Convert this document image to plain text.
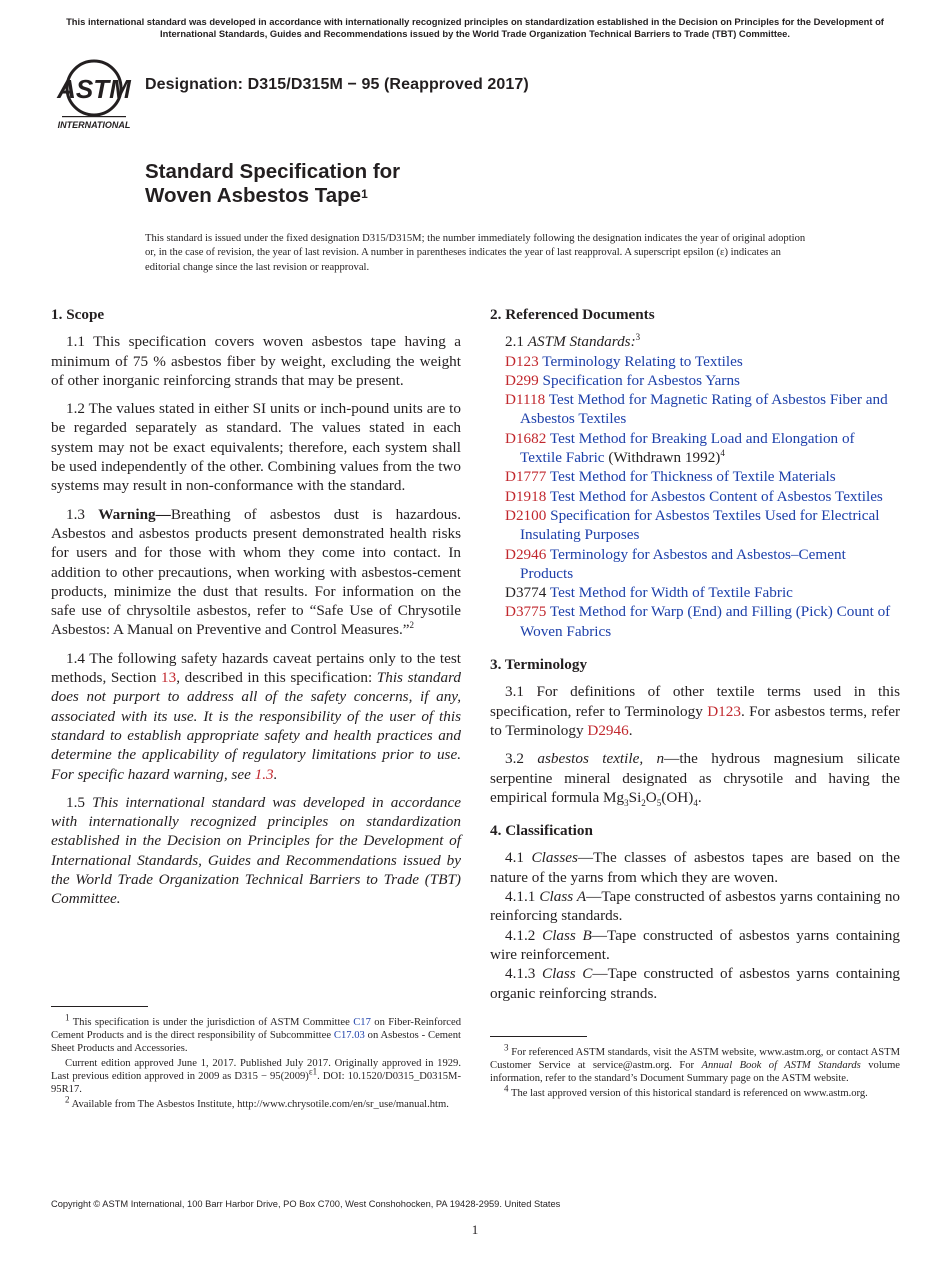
This international standard was developed in accordance with internationally recognized principles on standardization established in the Decision on Principles for the Development of International Standards, Guides and Recommendations issued by the World Trade Organization Technical Barriers to Trade (TBT) Committee.
ASTM
INTERNATIONAL
Designation: D315/D315M − 95 (Reapproved 2017)
Standard Specification for
Woven Asbestos Tape$^1$
This standard is issued under the fixed designation D315/D315M; the number immediately following the designation indicates the year of original adoption or, in the case of revision, the year of last revision. A number in parentheses indicates the year of last reapproval. A superscript epsilon (ε) indicates an editorial change since the last revision or reapproval.
1. Scope

1.1 This specification covers woven asbestos tape having a minimum of 75 % asbestos fiber by weight, excluding the weight of other inorganic reinforcing strands that may be present.

1.2 The values stated in either SI units or inch-pound units are to be regarded separately as standard. The values stated in each system may not be exact equivalents; therefore, each system shall be used independently of the other. Combining values from the two systems may result in non-conformance with the standard.

1.3 Warning—Breathing of asbestos dust is hazardous. Asbestos and asbestos products present demonstrated health risks for users and for those with whom they come into contact. In addition to other precautions, when working with asbestos-cement products, minimize the dust that results. For information on the safe use of chrysoltile asbestos, refer to “Safe Use of Chrysotile Asbestos: A Manual on Preventive and Control Measures.”$^2$

1.4 The following safety hazards caveat pertains only to the test methods, Section 13, described in this specification: This standard does not purport to address all of the safety concerns, if any, associated with its use. It is the responsibility of the user of this standard to establish appropriate safety and health practices and determine the applicability of regulatory limitations prior to use. For specific hazard warning, see 1.3.

1.5 This international standard was developed in accordance with internationally recognized principles on standardization established in the Decision on Principles for the Development of International Standards, Guides and Recommendations issued by the World Trade Organization Technical Barriers to Trade (TBT) Committee.

2. Referenced Documents
2.1 ASTM Standards:$^3$

D123 Terminology Relating to Textiles

D299 Specification for Asbestos Yarns

D1118 Test Method for Magnetic Rating of Asbestos Fiber and Asbestos Textiles

D1682 Test Method for Breaking Load and Elongation of Textile Fabric (Withdrawn 1992)$^4$

D1777 Test Method for Thickness of Textile Materials

D1918 Test Method for Asbestos Content of Asbestos Textiles

D2100 Specification for Asbestos Textiles Used for Electrical Insulating Purposes

D2946 Terminology for Asbestos and Asbestos–Cement Products

D3774 Test Method for Width of Textile Fabric

D3775 Test Method for Warp (End) and Filling (Pick) Count of Woven Fabrics

3. Terminology

3.1 For definitions of other textile terms used in this specification, refer to Terminology D123. For asbestos terms, refer to Terminology D2946.

3.2 asbestos textile, n—the hydrous magnesium silicate serpentine mineral designated as chrysotile and having the empirical formula $Mg_3Si_2O_5(OH)_4$.

4. Classification

4.1 Classes—The classes of asbestos tapes are based on the nature of the yarns from which they are woven.

4.1.1 Class A—Tape constructed of asbestos yarns containing no reinforcing standards.

4.1.2 Class B—Tape constructed of asbestos yarns containing wire reinforcement.

4.1.3 Class C—Tape constructed of asbestos yarns containing organic reinforcing strands.

$^1$ This specification is under the jurisdiction of ASTM Committee C17 on Fiber-Reinforced Cement Products and is the direct responsibility of Subcommittee C17.03 on Asbestos - Cement Sheet Products and Accessories.

Current edition approved June 1, 2017. Published July 2017. Originally approved in 1929. Last previous edition approved in 2009 as $D315 - 95(2009)^{\varepsilon 1}$. DOI: 10.1520/D0315_D0315M-95R17.

$^2$ Available from The Asbestos Institute, http://www.chrysotile.com/en/sr_use/manual.htm.

$^3$ For referenced ASTM standards, visit the ASTM website, www.astm.org, or contact ASTM Customer Service at service@astm.org. For Annual Book of ASTM Standards volume information, refer to the standard’s Document Summary page on the ASTM website.

$^4$ The last approved version of this historical standard is referenced on www.astm.org.

Copyright © ASTM International, 100 Barr Harbor Drive, PO Box C700, West Conshohocken, PA 19428-2959. United States
1
